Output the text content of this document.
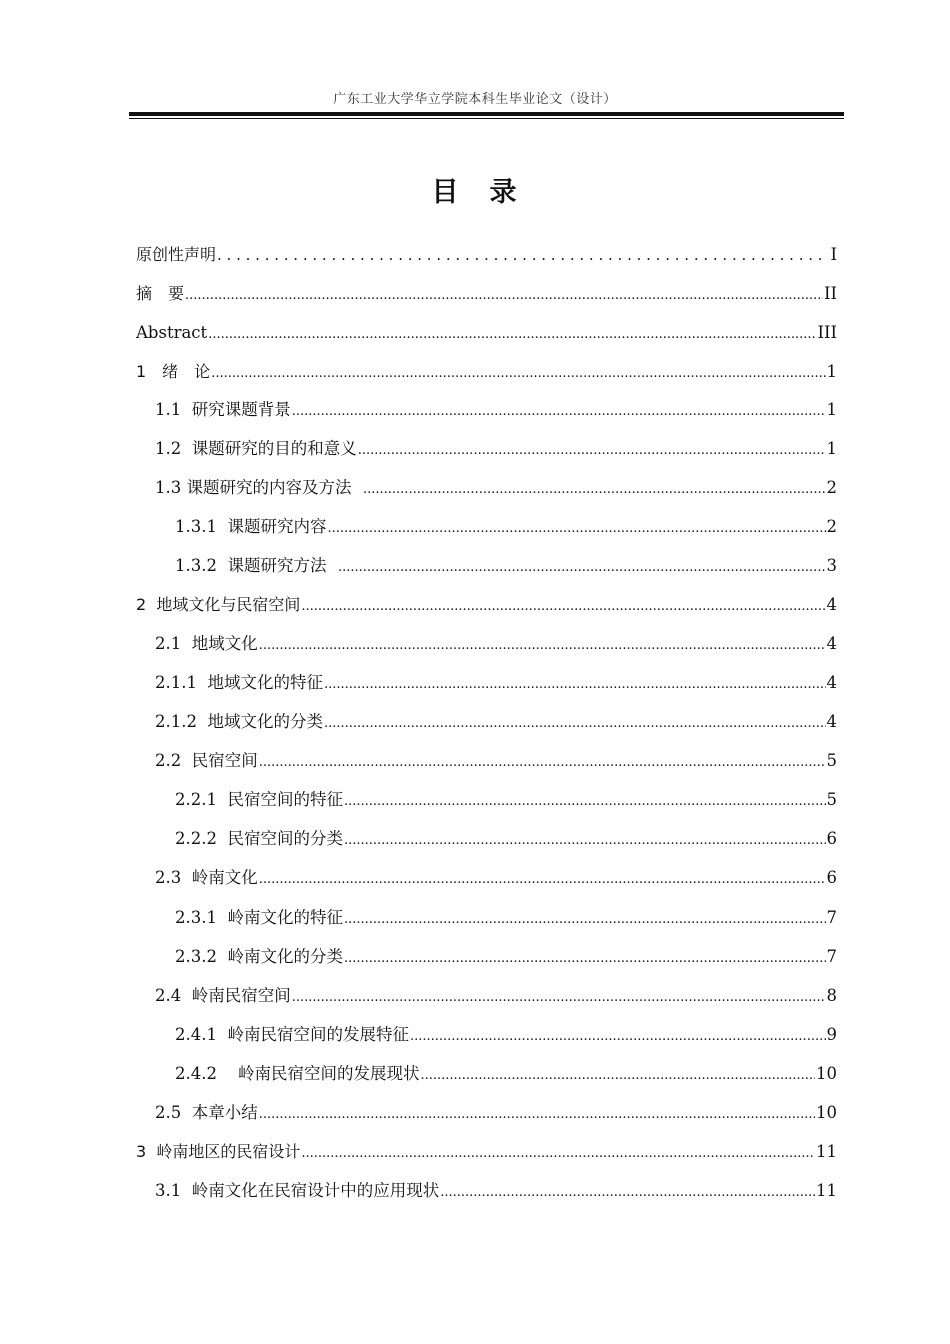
广东工业大学华立学院本科生毕业论文（设计）
目　录
原创性声明 . . .	I
摘　要 .....	II
Abstract .....	III
1　绪　论 .....	1
1.1  研究课题背景 .....	1
1.2  课题研究的目的和意义 .....	1
1.3 课题研究的内容及方法 .....	2
1.3.1  课题研究内容 .....	2
1.3.2  课题研究方法 .....	3
2  地域文化与民宿空间 .....	4
2.1  地域文化 .....	4
2.1.1  地域文化的特征 .....	4
2.1.2  地域文化的分类 .....	4
2.2  民宿空间 .....	5
2.2.1  民宿空间的特征 .....	5
2.2.2  民宿空间的分类 .....	6
2.3  岭南文化 .....	6
2.3.1  岭南文化的特征 .....	7
2.3.2  岭南文化的分类 .....	7
2.4  岭南民宿空间 .....	8
2.4.1  岭南民宿空间的发展特征 .....	9
2.4.2    岭南民宿空间的发展现状 .....	10
2.5  本章小结 .....	10
3  岭南地区的民宿设计 .....	11
3.1  岭南文化在民宿设计中的应用现状 .....	11
